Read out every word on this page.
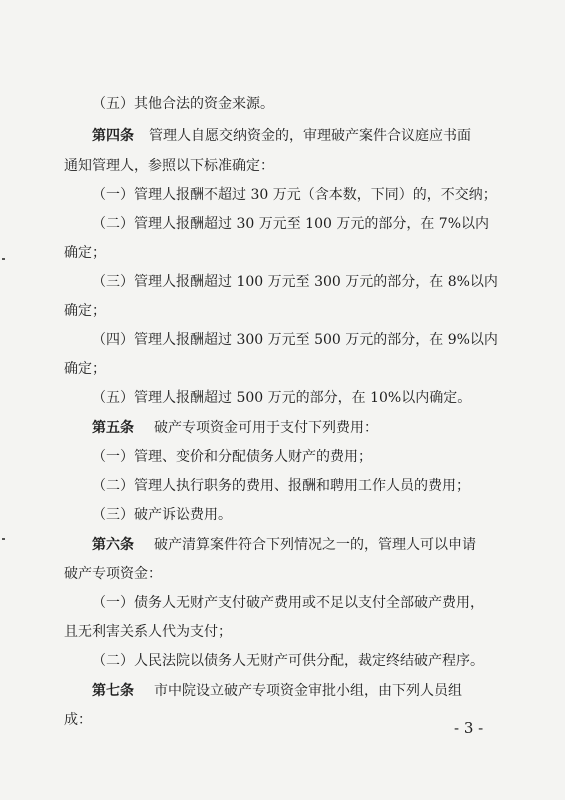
（五）其他合法的资金来源。
第四条 管理人自愿交纳资金的，审理破产案件合议庭应书面
通知管理人，参照以下标准确定：
（一）管理人报酬不超过 30 万元（含本数，下同）的，不交纳；
（二）管理人报酬超过 30 万元至 100 万元的部分，在 7%以内
确定；
（三）管理人报酬超过 100 万元至 300 万元的部分，在 8%以内
确定；
（四）管理人报酬超过 300 万元至 500 万元的部分，在 9%以内
确定；
（五）管理人报酬超过 500 万元的部分，在 10%以内确定。
第五条 破产专项资金可用于支付下列费用：
（一）管理、变价和分配债务人财产的费用；
（二）管理人执行职务的费用、报酬和聘用工作人员的费用；
（三）破产诉讼费用。
第六条 破产清算案件符合下列情况之一的，管理人可以申请
破产专项资金：
（一）债务人无财产支付破产费用或不足以支付全部破产费用，
且无利害关系人代为支付；
（二）人民法院以债务人无财产可供分配，裁定终结破产程序。
第七条 市中院设立破产专项资金审批小组，由下列人员组
成：	- 3 -
